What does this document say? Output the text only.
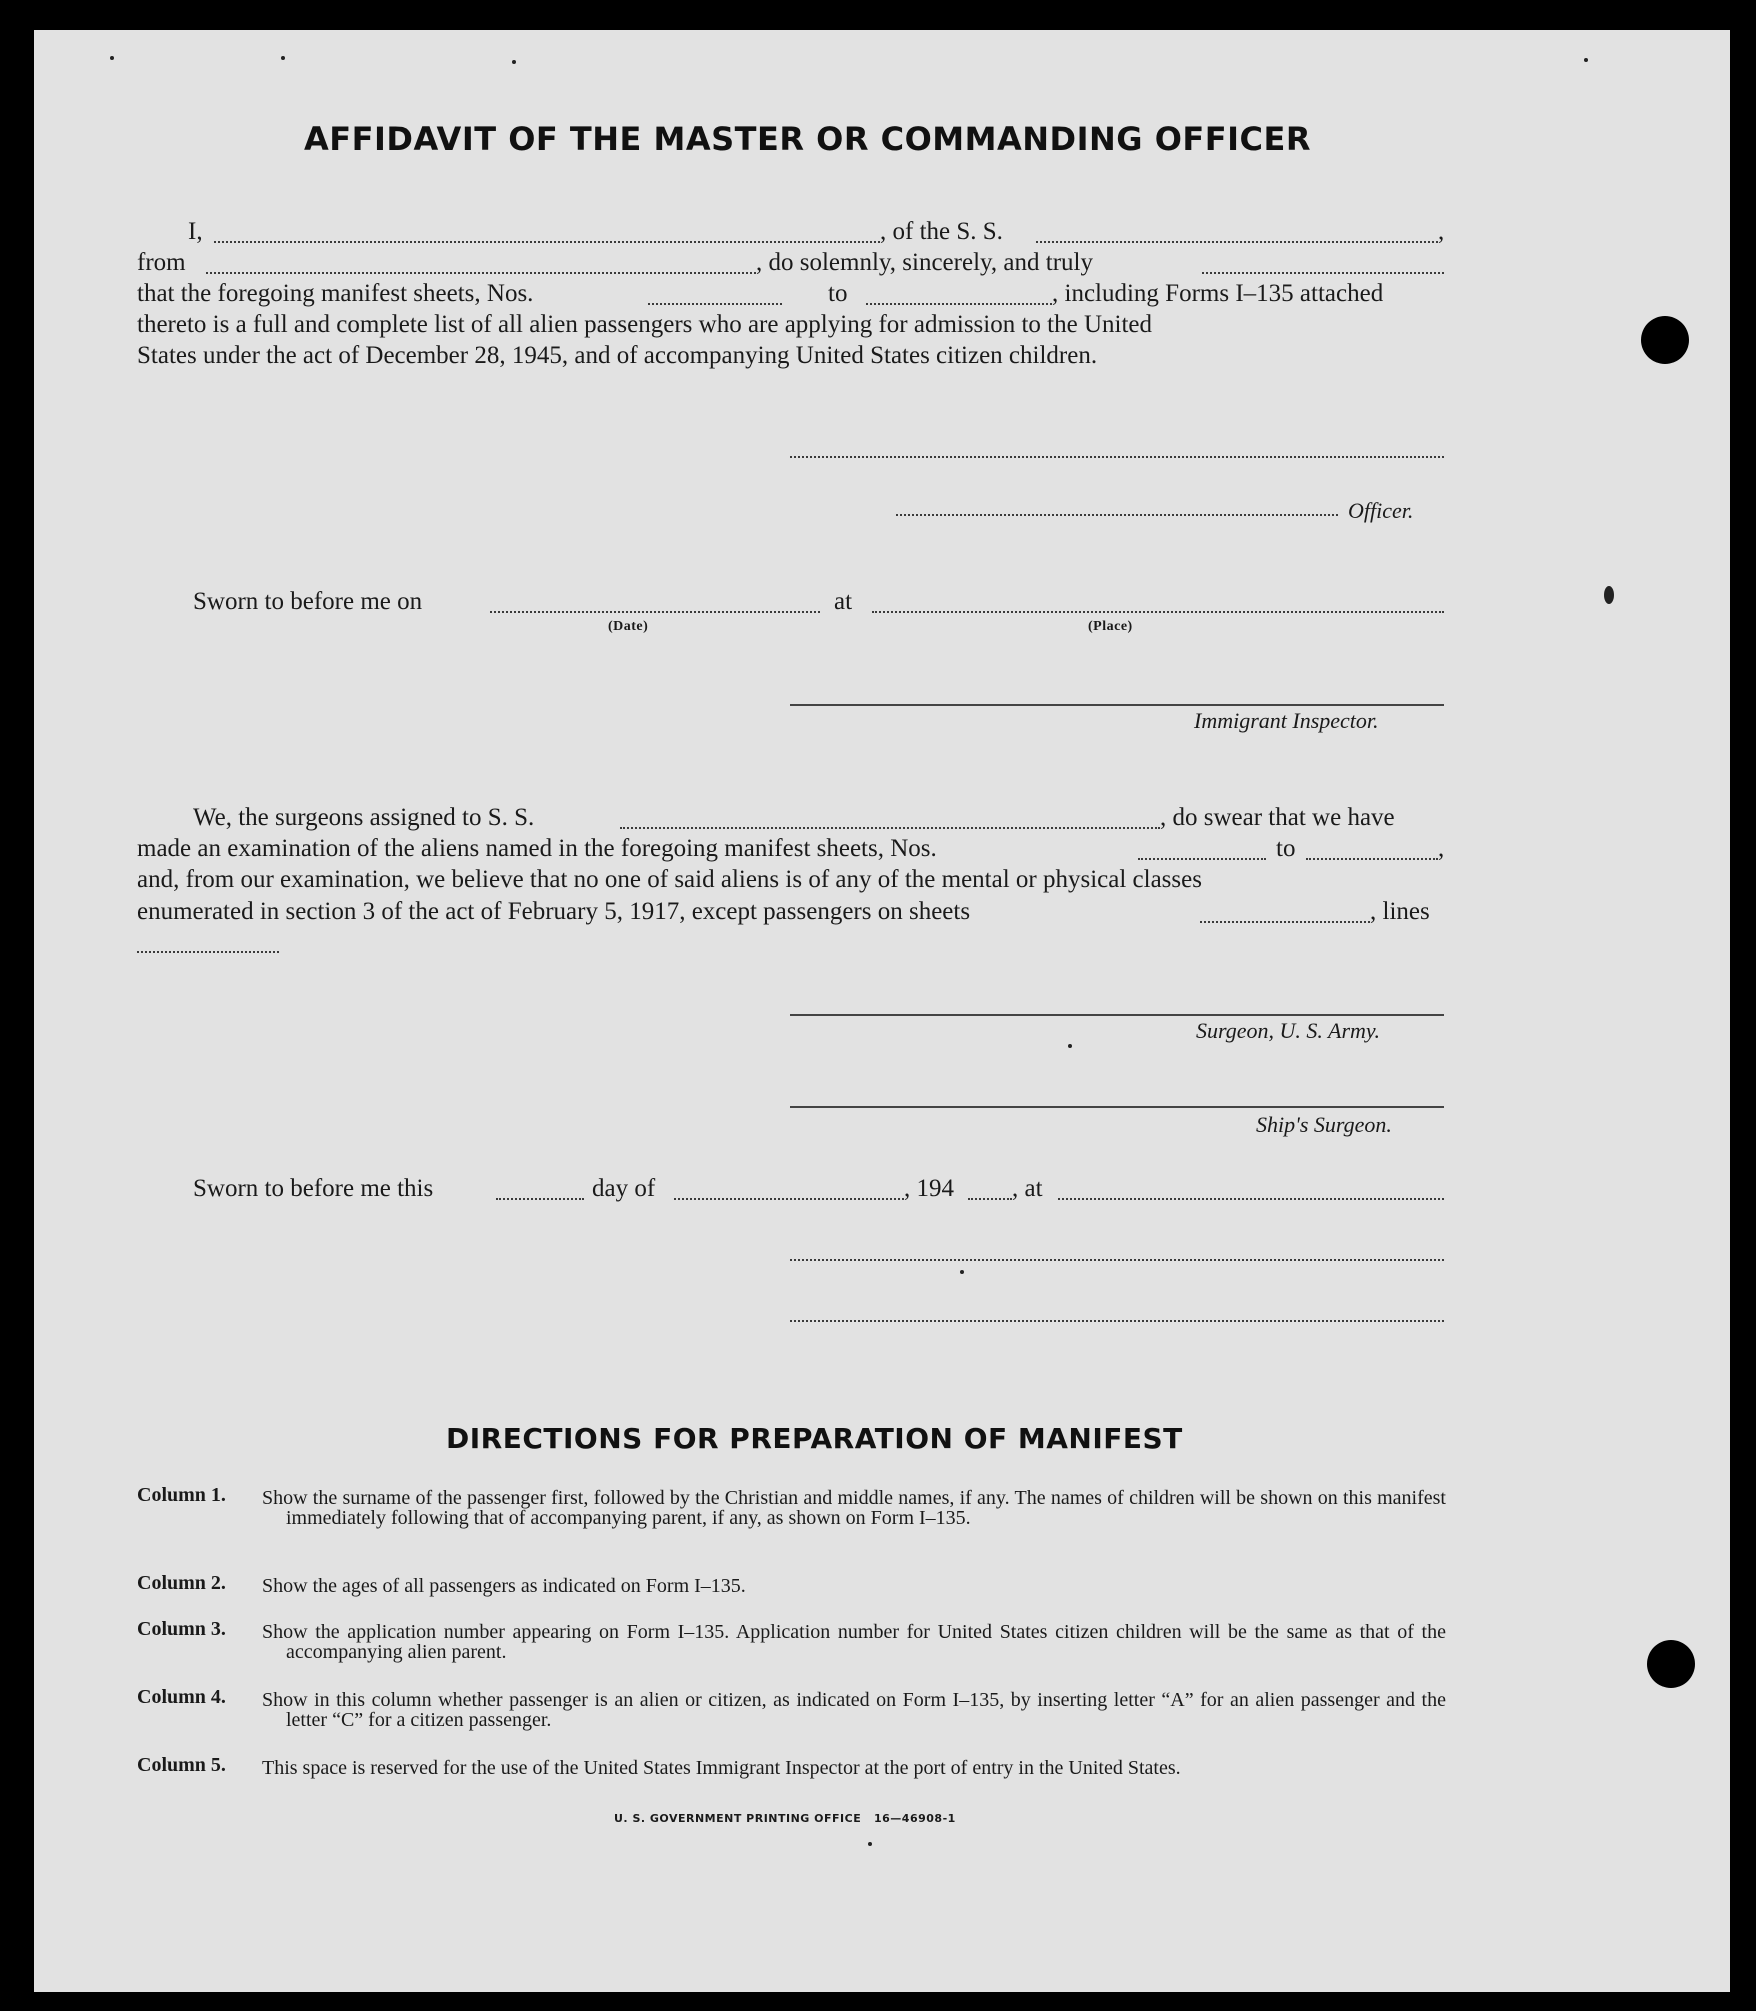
AFFIDAVIT OF THE MASTER OR COMMANDING OFFICER
I,	, of the S. S.	,
from	, do solemnly, sincerely, and truly
that the foregoing manifest sheets, Nos.	to	, including Forms I–135 attached
thereto is a full and complete list of all alien passengers who are applying for admission to the United
States under the act of December 28, 1945, and of accompanying United States citizen children.
Officer.
Sworn to before me on
(Date)
at
(Place)
Immigrant Inspector.
We, the surgeons assigned to S. S.	, do swear that we have
made an examination of the aliens named in the foregoing manifest sheets, Nos.	to	,
and, from our examination, we believe that no one of said aliens is of any of the mental or physical classes
enumerated in section 3 of the act of February 5, 1917, except passengers on sheets	, lines
Surgeon, U. S. Army.
Ship's Surgeon.
Sworn to before me this	day of	, 194 , at
DIRECTIONS FOR PREPARATION OF MANIFEST
Column 1. Show the surname of the passenger first, followed by the Christian and middle names, if any. The names of children will be shown on this manifest immediately following that of accompanying parent, if any, as shown on Form I–135.
Column 2. Show the ages of all passengers as indicated on Form I–135.
Column 3. Show the application number appearing on Form I–135. Application number for United States citizen children will be the same as that of the accompanying alien parent.
Column 4. Show in this column whether passenger is an alien or citizen, as indicated on Form I–135, by inserting letter “A” for an alien passenger and the letter “C” for a citizen passenger.
Column 5. This space is reserved for the use of the United States Immigrant Inspector at the port of entry in the United States.
U. S. GOVERNMENT PRINTING OFFICE 16—46908-1
